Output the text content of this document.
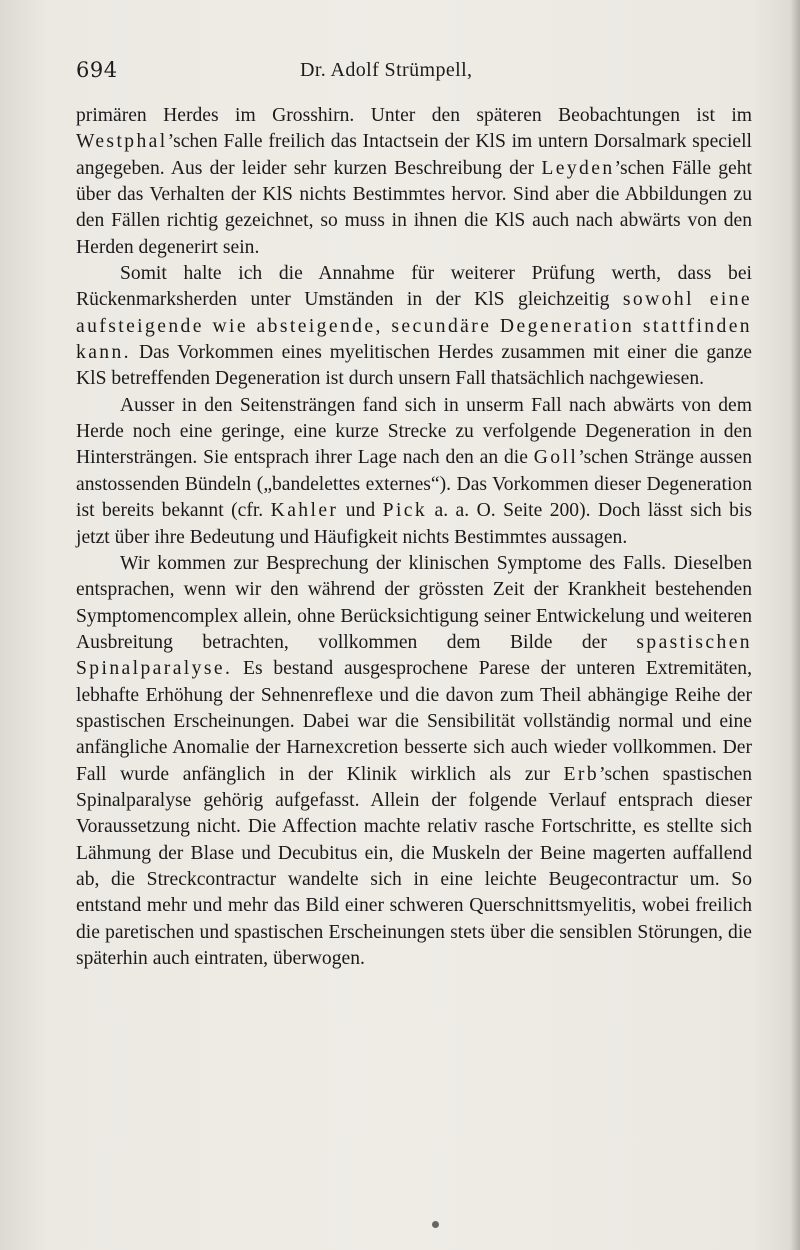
694	Dr. Adolf Strümpell,

primären Herdes im Grosshirn. Unter den späteren Beobachtungen ist im Westphal’schen Falle freilich das Intactsein der KlS im untern Dorsalmark speciell angegeben. Aus der leider sehr kurzen Beschreibung der Leyden’schen Fälle geht über das Verhalten der KlS nichts Bestimmtes hervor. Sind aber die Abbildungen zu den Fällen richtig gezeichnet, so muss in ihnen die KlS auch nach abwärts von den Herden degenerirt sein.

Somit halte ich die Annahme für weiterer Prüfung werth, dass bei Rückenmarksherden unter Umständen in der KlS gleichzeitig sowohl eine aufsteigende wie absteigende, secundäre Degeneration stattfinden kann. Das Vorkommen eines myelitischen Herdes zusammen mit einer die ganze KlS betreffenden Degeneration ist durch unsern Fall thatsächlich nachgewiesen.

Ausser in den Seitensträngen fand sich in unserm Fall nach abwärts von dem Herde noch eine geringe, eine kurze Strecke zu verfolgende Degeneration in den Hintersträngen. Sie entsprach ihrer Lage nach den an die Goll’schen Stränge aussen anstossenden Bündeln („bandelettes externes“). Das Vorkommen dieser Degeneration ist bereits bekannt (cfr. Kahler und Pick a. a. O. Seite 200). Doch lässt sich bis jetzt über ihre Bedeutung und Häufigkeit nichts Bestimmtes aussagen.

Wir kommen zur Besprechung der klinischen Symptome des Falls. Dieselben entsprachen, wenn wir den während der grössten Zeit der Krankheit bestehenden Symptomencomplex allein, ohne Berücksichtigung seiner Entwickelung und weiteren Ausbreitung betrachten, vollkommen dem Bilde der spastischen Spinalparalyse. Es bestand ausgesprochene Parese der unteren Extremitäten, lebhafte Erhöhung der Sehnenreflexe und die davon zum Theil abhängige Reihe der spastischen Erscheinungen. Dabei war die Sensibilität vollständig normal und eine anfängliche Anomalie der Harnexcretion besserte sich auch wieder vollkommen. Der Fall wurde anfänglich in der Klinik wirklich als zur Erb’schen spastischen Spinalparalyse gehörig aufgefasst. Allein der folgende Verlauf entsprach dieser Voraussetzung nicht. Die Affection machte relativ rasche Fortschritte, es stellte sich Lähmung der Blase und Decubitus ein, die Muskeln der Beine magerten auffallend ab, die Streckcontractur wandelte sich in eine leichte Beugecontractur um. So entstand mehr und mehr das Bild einer schweren Querschnittsmyelitis, wobei freilich die paretischen und spastischen Erscheinungen stets über die sensiblen Störungen, die späterhin auch eintraten, überwogen.
